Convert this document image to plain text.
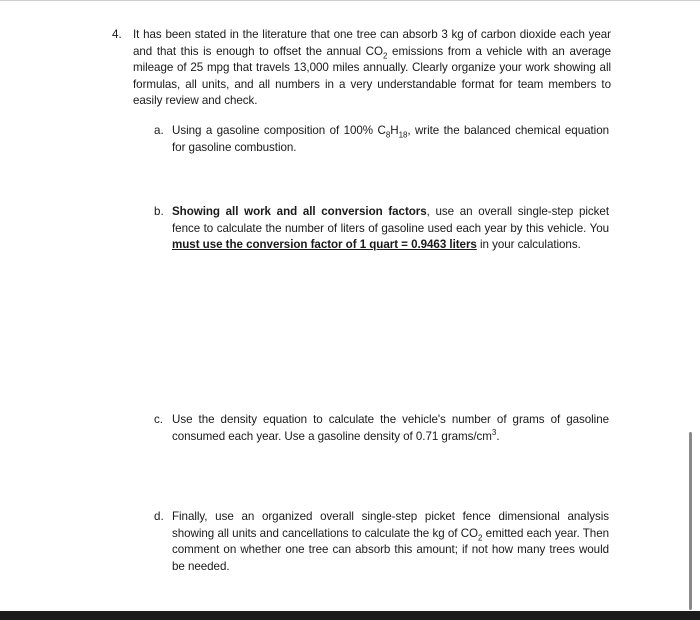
4. It has been stated in the literature that one tree can absorb 3 kg of carbon dioxide each year and that this is enough to offset the annual $CO_2$ emissions from a vehicle with an average mileage of 25 mpg that travels 13,000 miles annually. Clearly organize your work showing all formulas, all units, and all numbers in a very understandable format for team members to easily review and check.
a. Using a gasoline composition of 100% $C_8H_{18}$, write the balanced chemical equation for gasoline combustion.
b. Showing all work and all conversion factors, use an overall single-step picket fence to calculate the number of liters of gasoline used each year by this vehicle. You must use the conversion factor of 1 quart = 0.9463 liters in your calculations.
c. Use the density equation to calculate the vehicle's number of grams of gasoline consumed each year. Use a gasoline density of 0.71 grams/$cm^3$.
d. Finally, use an organized overall single-step picket fence dimensional analysis showing all units and cancellations to calculate the kg of $CO_2$ emitted each year. Then comment on whether one tree can absorb this amount; if not how many trees would be needed.
